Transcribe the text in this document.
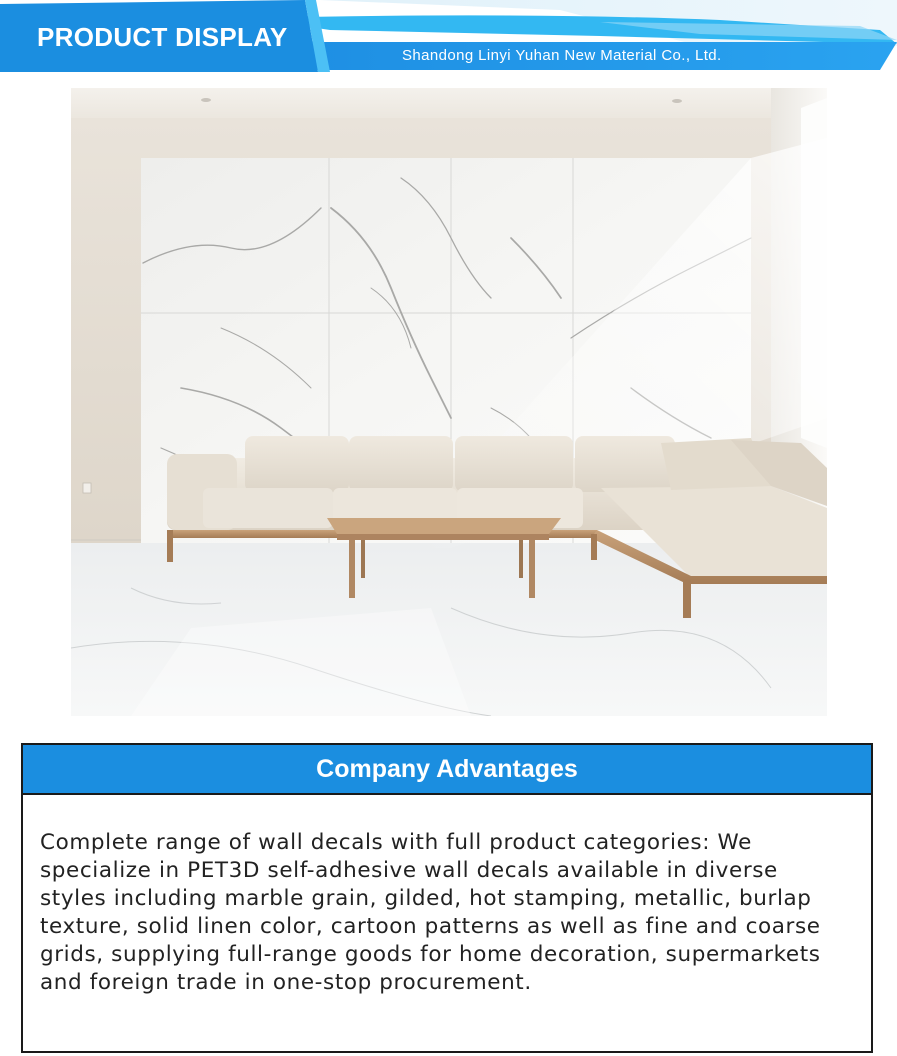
PRODUCT DISPLAY
Shandong Linyi Yuhan New Material Co., Ltd.
Company Advantages
Complete range of wall decals with full product categories: We specialize in PET3D self-adhesive wall decals available in diverse styles including marble grain, gilded, hot stamping, metallic, burlap texture, solid linen color, cartoon patterns as well as fine and coarse grids, supplying full-range goods for home decoration, supermarkets and foreign trade in one-stop procurement.
